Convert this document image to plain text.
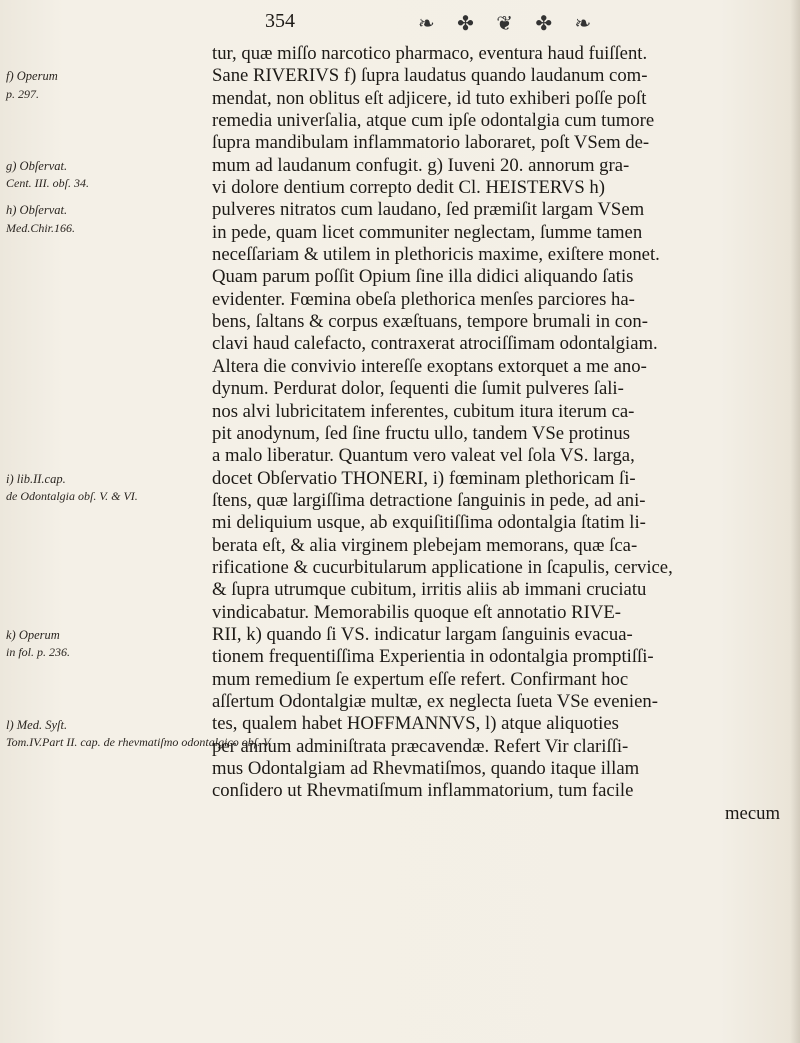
354	❧ ✤ ❦ ✤ ❧
f) Operum
p. 297.
g) Obſervat.
Cent. III. obſ. 34.
h) Obſervat.
Med.Chir.166.
i) lib.II.cap.
de Odontalgia obſ. V. & VI.
k) Operum
in fol. p. 236.
l) Med. Syſt.
Tom.IV.Part II. cap. de rhevmatiſmo odontalgico obſ. V.
tur, quæ miſſo narcotico pharmaco, eventura haud fuiſſent.
Sane RIVERIVS f) ſupra laudatus quando laudanum com-
mendat, non oblitus eſt adjicere, id tuto exhiberi poſſe poſt
remedia univerſalia, atque cum ipſe odontalgia cum tumore
ſupra mandibulam inflammatorio laboraret, poſt VSem de-
mum ad laudanum confugit. g) Iuveni 20. annorum gra-
vi dolore dentium correpto dedit Cl. HEISTERVS h)
pulveres nitratos cum laudano, ſed præmiſit largam VSem
in pede, quam licet communiter neglectam, ſumme tamen
neceſſariam & utilem in plethoricis maxime, exiſtere monet.
Quam parum poſſit Opium ſine illa didici aliquando ſatis
evidenter. Fœmina obeſa plethorica menſes parciores ha-
bens, ſaltans & corpus exæſtuans, tempore brumali in con-
clavi haud calefacto, contraxerat atrociſſimam odontalgiam.
Altera die convivio intereſſe exoptans extorquet a me ano-
dynum. Perdurat dolor, ſequenti die ſumit pulveres ſali-
nos alvi lubricitatem inferentes, cubitum itura iterum ca-
pit anodynum, ſed ſine fructu ullo, tandem VSe protinus
a malo liberatur. Quantum vero valeat vel ſola VS. larga,
docet Obſervatio THONERI, i) fœminam plethoricam ſi-
ſtens, quæ largiſſima detractione ſanguinis in pede, ad ani-
mi deliquium usque, ab exquiſitiſſima odontalgia ſtatim li-
berata eſt, & alia virginem plebejam memorans, quæ ſca-
rificatione & cucurbitularum applicatione in ſcapulis, cervice,
& ſupra utrumque cubitum, irritis aliis ab immani cruciatu
vindicabatur. Memorabilis quoque eſt annotatio RIVE-
RII, k) quando ſi VS. indicatur largam ſanguinis evacua-
tionem frequentiſſima Experientia in odontalgia promptiſſi-
mum remedium ſe expertum eſſe refert. Confirmant hoc
aſſertum Odontalgiæ multæ, ex neglecta ſueta VSe evenien-
tes, qualem habet HOFFMANNVS, l) atque aliquoties
per annum adminiſtrata præcavendæ. Refert Vir clariſſi-
mus Odontalgiam ad Rhevmatiſmos, quando itaque illam
conſidero ut Rhevmatiſmum inflammatorium, tum facile
mecum
